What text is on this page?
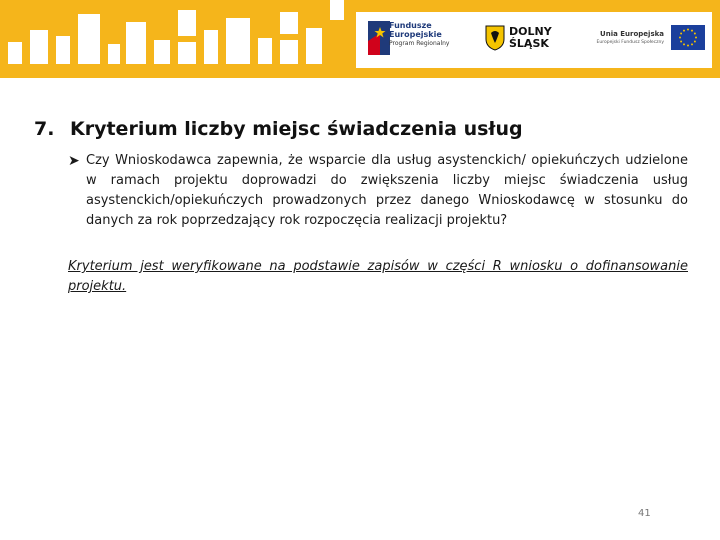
Fundusze
Europejskie
Program Regionalny
DOLNY
ŚLĄSK
Unia Europejska
Europejski Fundusz Społeczny
7. Kryterium liczby miejsc świadczenia usług
➤ Czy Wnioskodawca zapewnia, że wsparcie dla usług asystenckich/ opiekuńczych udzielone w ramach projektu doprowadzi do zwiększenia liczby miejsc świadczenia usług asystenckich/opiekuńczych prowadzonych przez danego Wnioskodawcę w stosunku do danych za rok poprzedzający rok rozpoczęcia realizacji projektu?

Kryterium jest weryfikowane na podstawie zapisów w części R wniosku o dofinansowanie projektu.

41
